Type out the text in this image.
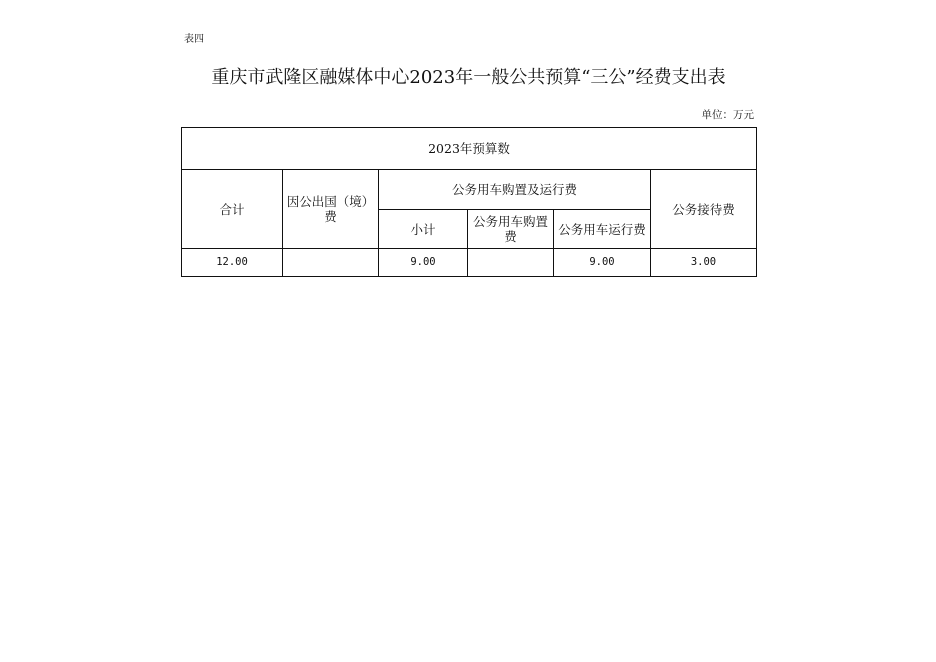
表四
重庆市武隆区融媒体中心2023年一般公共预算“三公”经费支出表
单位：万元
2023年预算数					
合计	因公出国（境）费	公务用车购置及运行费			公务接待费
		小计	公务用车购置费	公务用车运行费	
12.00		9.00		9.00	3.00
